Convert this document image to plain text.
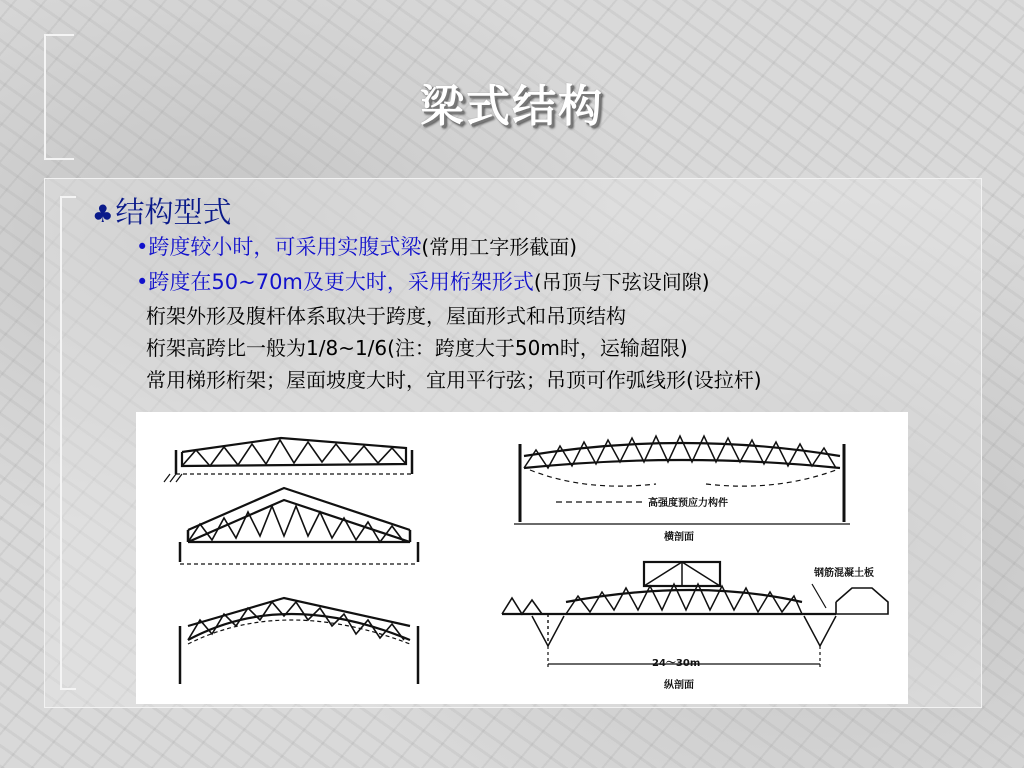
梁式结构
♣结构型式
•跨度较小时，可采用实腹式梁(常用工字形截面)
•跨度在50~70m及更大时，采用桁架形式(吊顶与下弦设间隙)
桁架外形及腹杆体系取决于跨度，屋面形式和吊顶结构
桁架高跨比一般为1/8~1/6(注：跨度大于50m时，运输超限)
常用梯形桁架；屋面坡度大时，宜用平行弦；吊顶可作弧线形(设拉杆)
高强度预应力构件
横剖面
钢筋混凝土板
24～30m
纵剖面
